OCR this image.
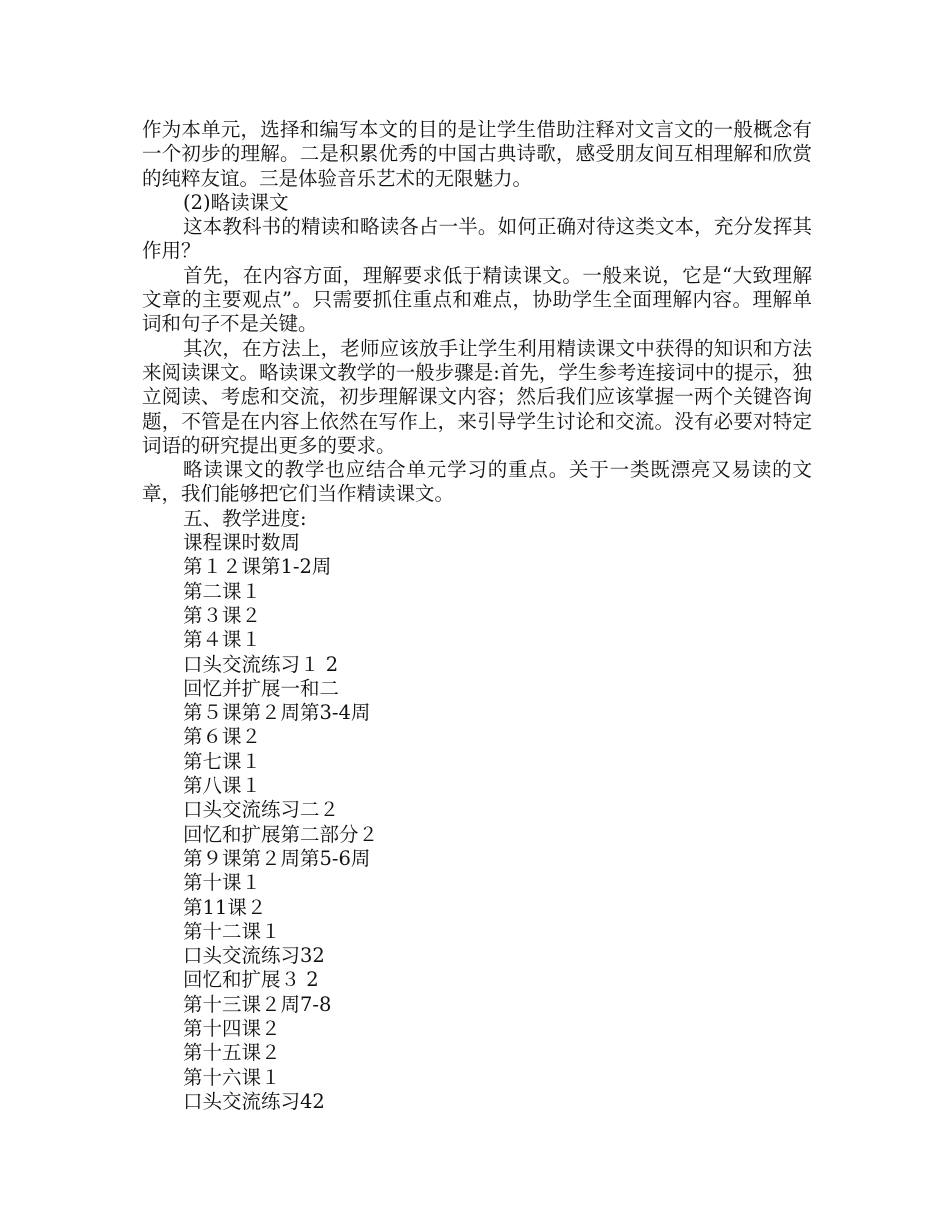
作为本单元，选择和编写本文的目的是让学生借助注释对文言文的一般概念有一个初步的理解。二是积累优秀的中国古典诗歌，感受朋友间互相理解和欣赏的纯粹友谊。三是体验音乐艺术的无限魅力。

(2)略读课文

这本教科书的精读和略读各占一半。如何正确对待这类文本，充分发挥其作用？

首先，在内容方面，理解要求低于精读课文。一般来说，它是“大致理解文章的主要观点”。只需要抓住重点和难点，协助学生全面理解内容。理解单词和句子不是关键。

其次，在方法上，老师应该放手让学生利用精读课文中获得的知识和方法来阅读课文。略读课文教学的一般步骤是:首先，学生参考连接词中的提示，独立阅读、考虑和交流，初步理解课文内容；然后我们应该掌握一两个关键咨询题，不管是在内容上依然在写作上，来引导学生讨论和交流。没有必要对特定词语的研究提出更多的要求。

略读课文的教学也应结合单元学习的重点。关于一类既漂亮又易读的文章，我们能够把它们当作精读课文。

五、教学进度:
课程课时数周
第１２课第1-2周
第二课１
第３课２
第４课１
口头交流练习１ 2
回忆并扩展一和二
第５课第２周第3-4周
第６课２
第七课１
第八课１
口头交流练习二２
回忆和扩展第二部分２
第９课第２周第5-6周
第十课１
第11课２
第十二课１
口头交流练习32
回忆和扩展３ 2
第十三课２周7-8
第十四课２
第十五课２
第十六课１
口头交流练习42
